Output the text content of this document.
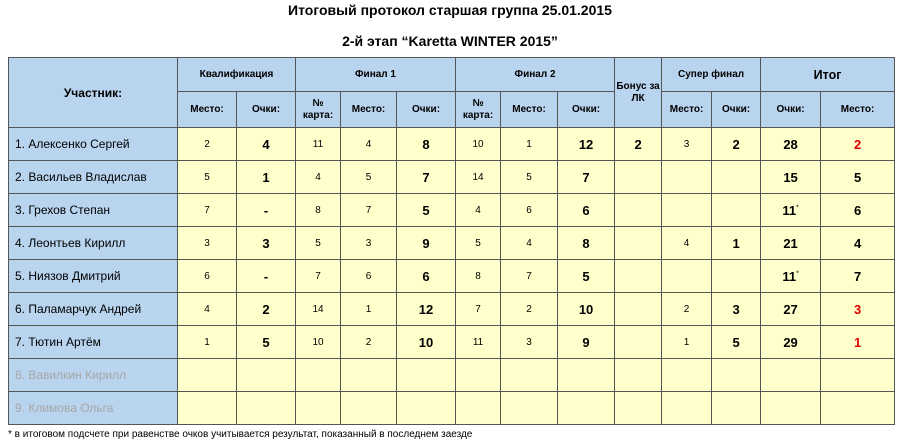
Итоговый протокол старшая группа 25.01.2015
2-й этап “Karetta WINTER 2015”
Участник:	Квалификация		Финал 1			Финал 2			Бонус за ЛК	Супер финал		Итог	
	Место:	Очки:	№ карта:	Место:	Очки:	№ карта:	Место:	Очки:		Место:	Очки:	Очки:	Место:
1. Алексенко Сергей	2	4	11	4	8	10	1	12	2	3	2	28	2
2. Васильев Владислав	5	1	4	5	7	14	5	7				15	5
3. Грехов Степан	7	-	8	7	5	4	6	6				11*	6
4. Леонтьев Кирилл	3	3	5	3	9	5	4	8		4	1	21	4
5. Ниязов Дмитрий	6	-	7	6	6	8	7	5				11*	7
6. Паламарчук Андрей	4	2	14	1	12	7	2	10		2	3	27	3
7. Тютин Артём	1	5	10	2	10	11	3	9		1	5	29	1
8. Вавилкин Кирилл													
9. Климова Ольга													
* в итоговом подсчете при равенстве очков учитывается результат, показанный в последнем заезде
